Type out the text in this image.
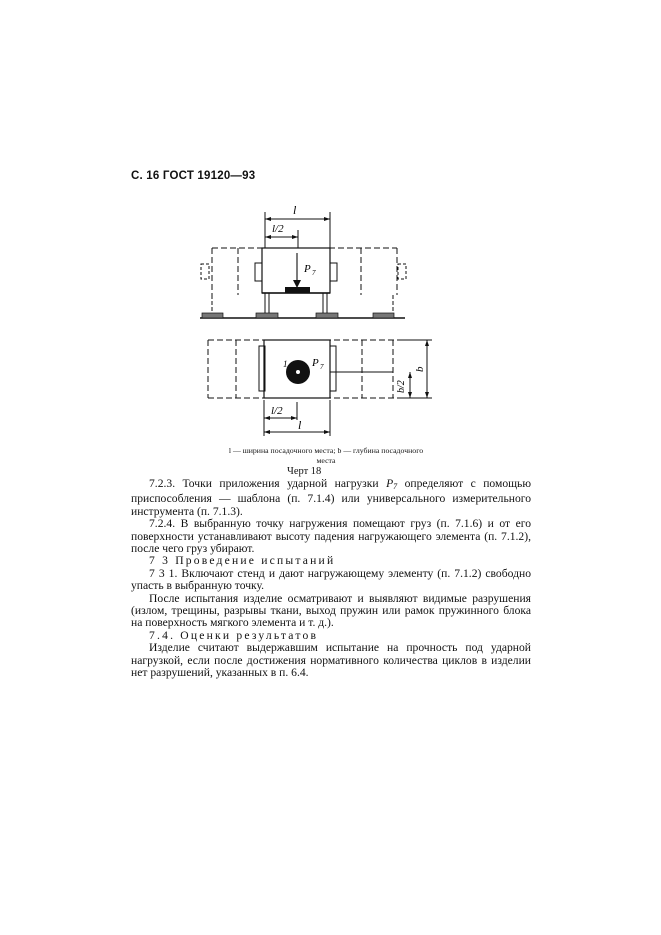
С. 16 ГОСТ 19120—93
l
l/2
P 7
1 P 7
b/2
b
l/2
l
l — ширина посадочного места; b — глубина посадочного места
Черт 18

7.2.3. Точки приложения ударной нагрузки $P_7$ определяют с помощью приспособления — шаблона (п. 7.1.4) или универсального измерительного инструмента (п. 7.1.3).

7.2.4. В выбранную точку нагружения помещают груз (п. 7.1.6) и от его поверхности устанавливают высоту падения нагружающего элемента (п. 7.1.2), после чего груз убирают.

7 3 Проведение испытаний

7 3 1. Включают стенд и дают нагружающему элементу (п. 7.1.2) свободно упасть в выбранную точку.

После испытания изделие осматривают и выявляют видимые разрушения (излом, трещины, разрывы ткани, выход пружин или рамок пружинного блока на поверхность мягкого элемента и т. д.).

7.4. Оценки результатов

Изделие считают выдержавшим испытание на прочность под ударной нагрузкой, если после достижения нормативного количества циклов в изделии нет разрушений, указанных в п. 6.4.
